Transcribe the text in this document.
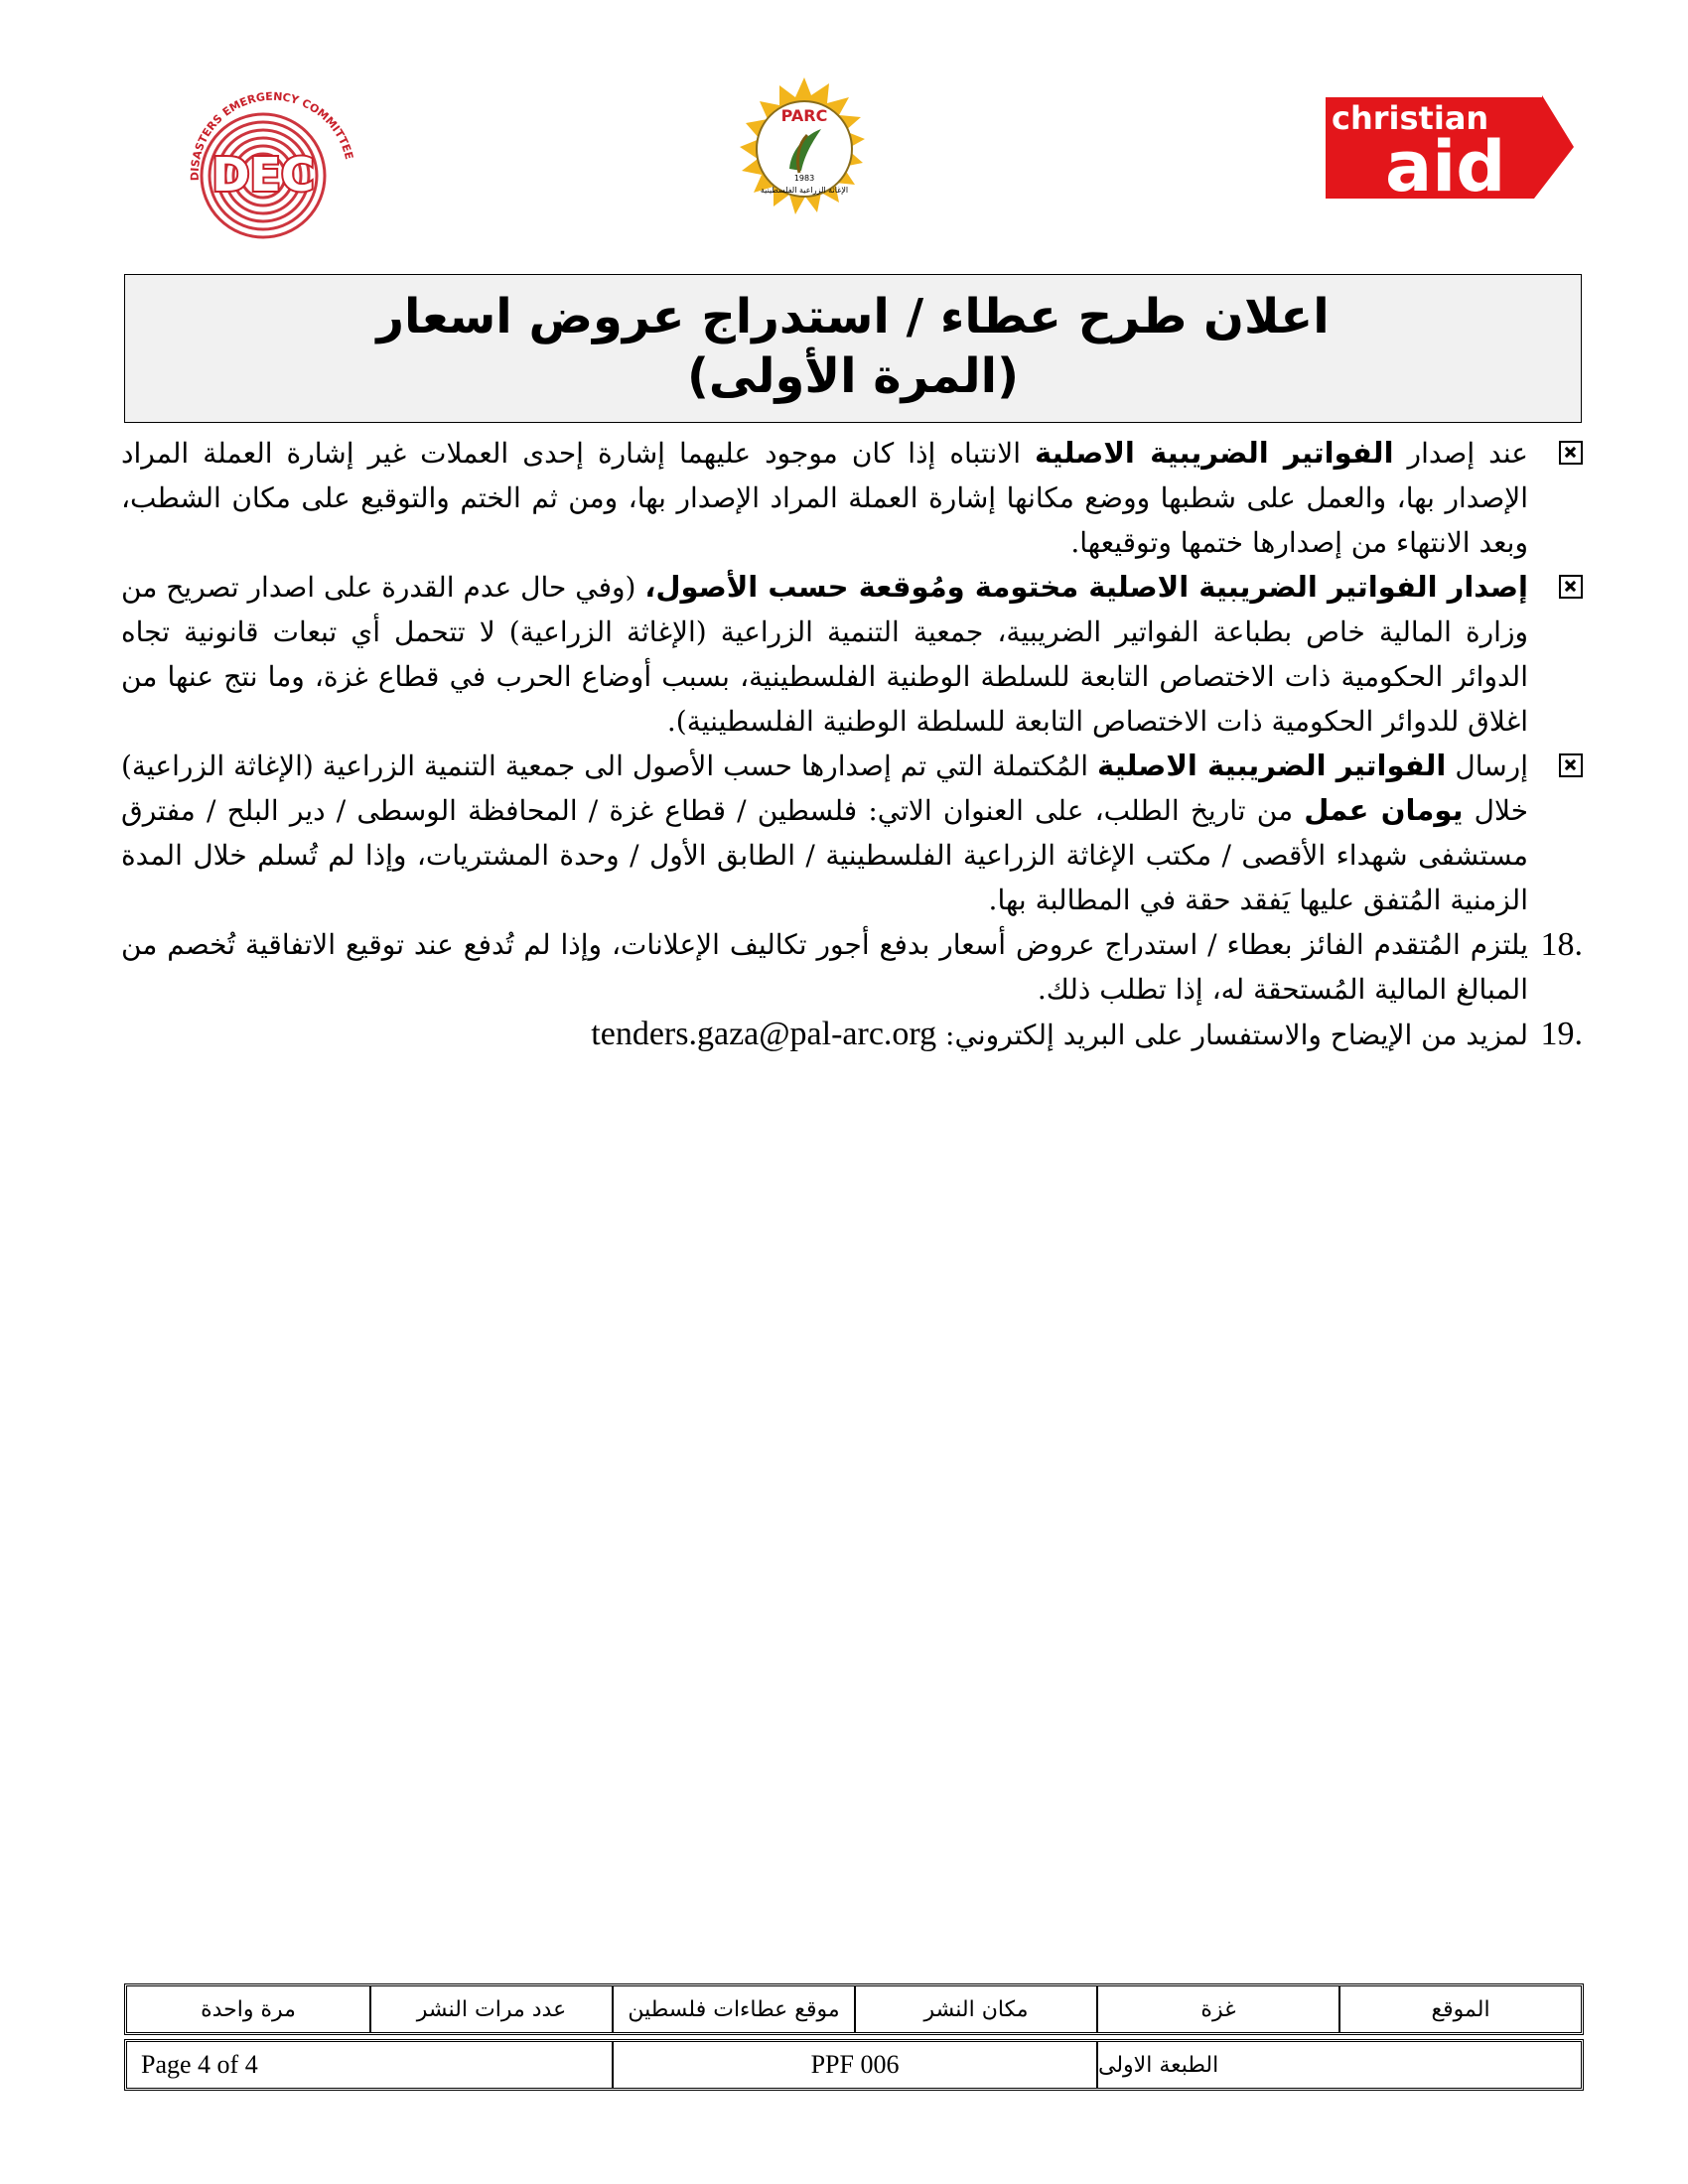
DEC
DISASTERS EMERGENCY COMMITTEE
PARC
1983
الإغاثة الزراعية الفلسطينية
christian
aid
اعلان طرح عطاء / استدراج عروض اسعار
(المرة الأولى)
عند إصدار الفواتير الضريبية الاصلية الانتباه إذا كان موجود عليهما إشارة إحدى العملات غير إشارة العملة المراد الإصدار بها، والعمل على شطبها ووضع مكانها إشارة العملة المراد الإصدار بها، ومن ثم الختم والتوقيع على مكان الشطب، وبعد الانتهاء من إصدارها ختمها وتوقيعها.
إصدار الفواتير الضريبية الاصلية مختومة ومُوقعة حسب الأصول، (وفي حال عدم القدرة على اصدار تصريح من وزارة المالية خاص بطباعة الفواتير الضريبية، جمعية التنمية الزراعية (الإغاثة الزراعية) لا تتحمل أي تبعات قانونية تجاه الدوائر الحكومية ذات الاختصاص التابعة للسلطة الوطنية الفلسطينية، بسبب أوضاع الحرب في قطاع غزة، وما نتج عنها من اغلاق للدوائر الحكومية ذات الاختصاص التابعة للسلطة الوطنية الفلسطينية).
إرسال الفواتير الضريبية الاصلية المُكتملة التي تم إصدارها حسب الأصول الى جمعية التنمية الزراعية (الإغاثة الزراعية) خلال يومان عمل من تاريخ الطلب، على العنوان الاتي: فلسطين / قطاع غزة / المحافظة الوسطى / دير البلح / مفترق مستشفى شهداء الأقصى / مكتب الإغاثة الزراعية الفلسطينية / الطابق الأول / وحدة المشتريات، وإذا لم تُسلم خلال المدة الزمنية المُتفق عليها يَفقد حقة في المطالبة بها.
18.
يلتزم المُتقدم الفائز بعطاء / استدراج عروض أسعار بدفع أجور تكاليف الإعلانات، وإذا لم تُدفع عند توقيع الاتفاقية تُخصم من المبالغ المالية المُستحقة له، إذا تطلب ذلك.
19.
لمزيد من الإيضاح والاستفسار على البريد إلكتروني: tenders.gaza@pal-arc.org
الموقع
غزة
مكان النشر
موقع عطاءات فلسطين
عدد مرات النشر
مرة واحدة
الطبعة الاولى
PPF 006
Page 4 of 4
